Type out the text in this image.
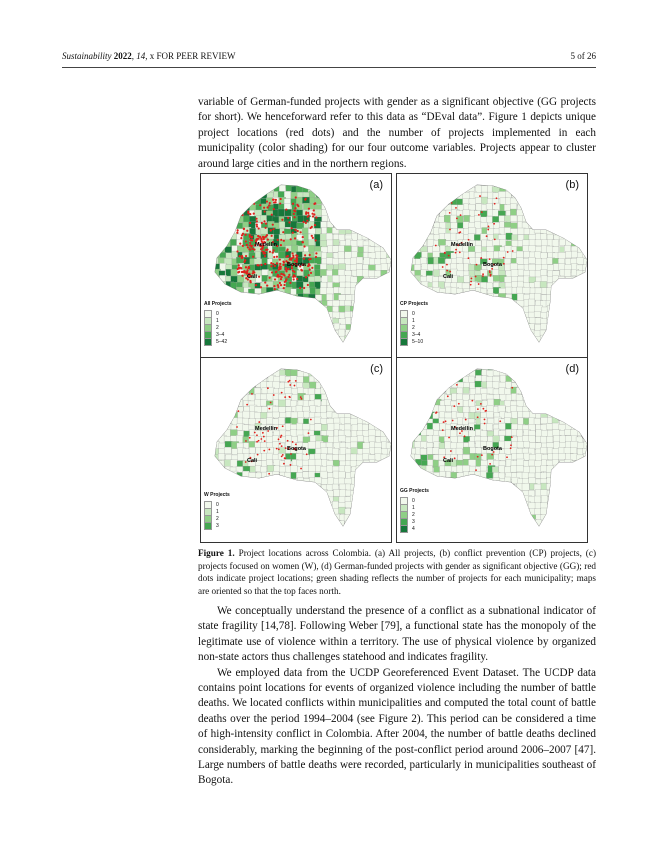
Sustainability 2022, 14, x FOR PEER REVIEW	5 of 26

variable of German-funded projects with gender as a significant objective (GG projects for short). We henceforward refer to this data as “DEval data”. Figure 1 depicts unique project locations (red dots) and the number of projects implemented in each municipality (color shading) for our four outcome variables. Projects appear to cluster around large cities and in the northern regions.

Medellin
Bogota
Cali
(a)
All Projects
0
1
2
3–4
5–42
Medellin
Bogota
Cali
(b)
CP Projects
0
1
2
3–4
5–10
Medellin
Bogota
Cali
(c)
W Projects
0
1
2
3
Medellin
Bogota
Cali
(d)
GG Projects
0
1
2
3
4
Figure 1. Project locations across Colombia. (a) All projects, (b) conflict prevention (CP) projects, (c) projects focused on women (W), (d) German-funded projects with gender as significant objective (GG); red dots indicate project locations; green shading reflects the number of projects for each municipality; maps are oriented so that the top faces north.

We conceptually understand the presence of a conflict as a subnational indicator of state fragility [14,78]. Following Weber [79], a functional state has the monopoly of the legitimate use of violence within a territory. The use of physical violence by organized non-state actors thus challenges statehood and indicates fragility.

We employed data from the UCDP Georeferenced Event Dataset. The UCDP data contains point locations for events of organized violence including the number of battle deaths. We located conflicts within municipalities and computed the total count of battle deaths over the period 1994–2004 (see Figure 2). This period can be considered a time of high-intensity conflict in Colombia. After 2004, the number of battle deaths declined considerably, marking the beginning of the post-conflict period around 2006–2007 [47]. Large numbers of battle deaths were recorded, particularly in municipalities southeast of Bogota.
